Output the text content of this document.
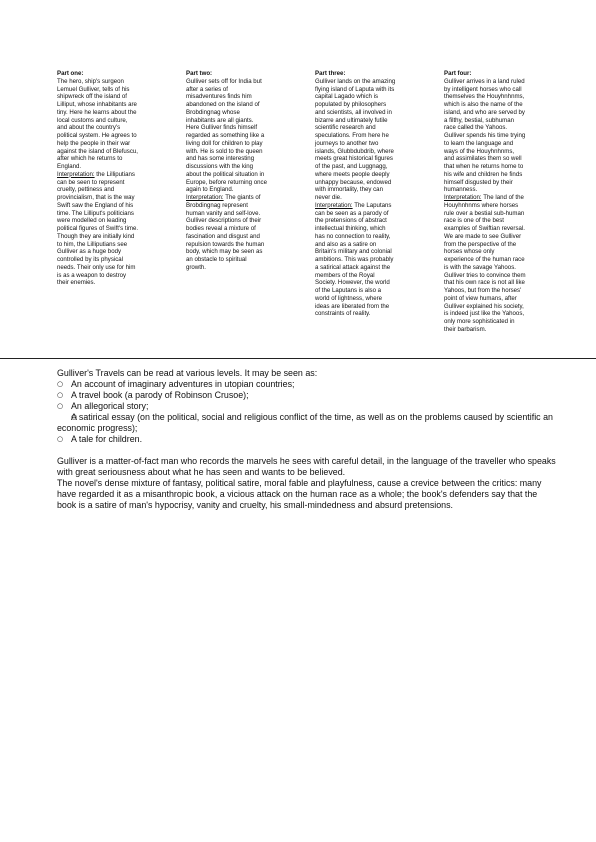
Part one:
The hero, ship's surgeon
Lemuel Gulliver, tells of his
shipwreck off the island of
Lilliput, whose inhabitants are
tiny. Here he learns about the
local customs and culture,
and about the country's
political system. He agrees to
help the people in their war
against the island of Blefuscu,
after which he returns to
England.
Interpretation: the Lilliputians
can be seen to represent
cruelty, pettiness and
provincialism, that is the way
Swift saw the England of his
time. The Lilliput's politicians
were modelled on leading
political figures of Swift's time.
Though they are initially kind
to him, the Lilliputians see
Gulliver as a huge body
controlled by its physical
needs. Their only use for him
is as a weapon to destroy
their enemies.
Part two:
Gulliver sets off for India but
after a series of
misadventures finds him
abandoned on the island of
Brobdingnag whose
inhabitants are all giants.
Here Gulliver finds himself
regarded as something like a
living doll for children to play
with. He is sold to the queen
and has some interesting
discussions with the king
about the political situation in
Europe, before returning once
again to England.
Interpretation: The giants of
Brobdingnag represent
human vanity and self-love.
Gulliver descriptions of their
bodies reveal a mixture of
fascination and disgust and
repulsion towards the human
body, which may be seen as
an obstacle to spiritual
growth.
Part three:
Gulliver lands on the amazing
flying island of Laputa with its
capital Lagado which is
populated by philosophers
and scientists, all involved in
bizarre and ultimately futile
scientific research and
speculations. From here he
journeys to another two
islands, Glubbdubdrib, where
meets great historical figures
of the past, and Luggnagg,
where meets people deeply
unhappy because, endowed
with immortality, they can
never die.
Interpretation: The Laputans
can be seen as a parody of
the pretensions of abstract
intellectual thinking, which
has no connection to reality,
and also as a satire on
Britain's military and colonial
ambitions. This was probably
a satirical attack against the
members of the Royal
Society. However, the world
of the Laputans is also a
world of lightness, where
ideas are liberated from the
constraints of reality.
Part four:
Gulliver arrives in a land ruled
by intelligent horses who call
themselves the Houyhnhnms,
which is also the name of the
island, and who are served by
a filthy, bestial, subhuman
race called the Yahoos.
Gulliver spends his time trying
to learn the language and
ways of the Houyhnhnms,
and assimilates them so well
that when he returns home to
his wife and children he finds
himself disgusted by their
humanness.
Interpretation: The land of the
Houyhnhnms where horses
rule over a bestial sub-human
race is one of the best
examples of Swiftian reversal.
We are made to see Gulliver
from the perspective of the
horses whose only
experience of the human race
is with the savage Yahoos.
Gulliver tries to convince them
that his own race is not all like
Yahoos, but from the horses'
point of view humans, after
Gulliver explained his society,
is indeed just like the Yahoos,
only more sophisticated in
their barbarism.

Gulliver's Travels can be read at various levels. It may be seen as:

○ An account of imaginary adventures in utopian countries;
○ A travel book (a parody of Robinson Crusoe);
○ An allegorical story;
○ A satirical essay (on the political, social and religious conflict of the time, as well as on the problems caused by scientific an economic progress);
○ A tale for children.

Gulliver is a matter-of-fact man who records the marvels he sees with careful detail, in the language of the traveller who speaks with great seriousness about what he has seen and wants to be believed.

The novel's dense mixture of fantasy, political satire, moral fable and playfulness, cause a crevice between the critics: many have regarded it as a misanthropic book, a vicious attack on the human race as a whole; the book's defenders say that the book is a satire of man's hypocrisy, vanity and cruelty, his small-mindedness and absurd pretensions.
